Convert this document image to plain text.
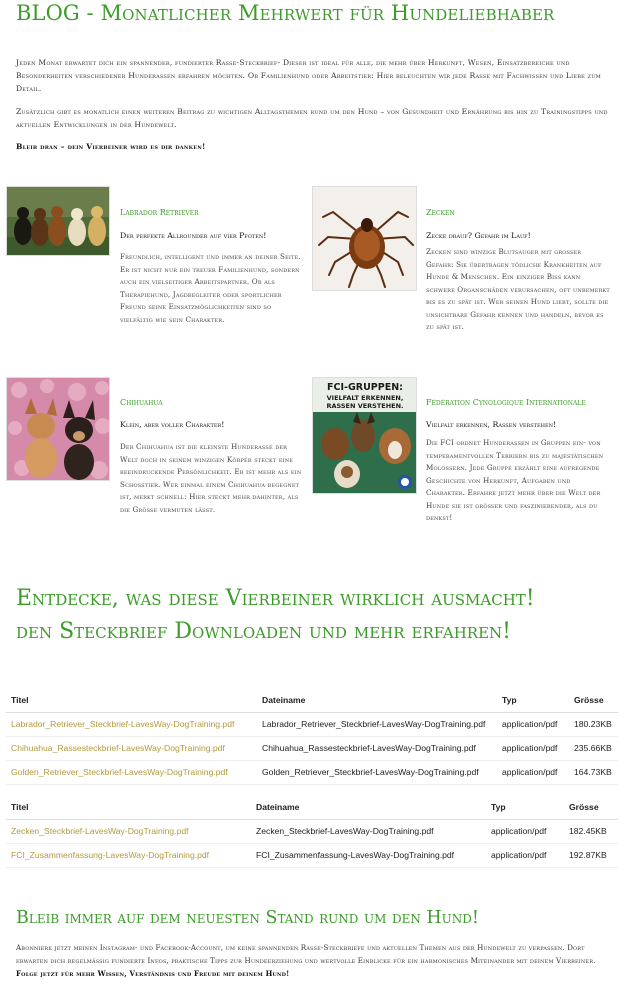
BLOG - Monatlicher Mehrwert für Hundeliebhaber

Jeden Monat erwartet dich ein spannender, fundierter Rasse-Steckbrief- Dieser ist ideal für alle, die mehr über Herkunft, Wesen, Einsatzbereiche und Besonderheiten verschiedener Hunderassen erfahren möchten. Ob Familienhund oder Arbeitstier: Hier beleuchten wir jede Rasse mit Fachwissen und Liebe zum Detail.

Zusätzlich gibt es monatlich einen weiteren Beitrag zu wichtigen Alltagsthemen rund um den Hund – von Gesundheit und Ernährung bis hin zu Trainingstipps und aktuellen Entwicklungen in der Hundewelt.

Bleib dran – dein Vierbeiner wird es dir danken!

Labrador Retriever
Der perfekte Allrounder auf vier Pfoten!

Freundlich, intelligent und immer an deiner Seite. Er ist nicht nur ein treuer Familienhund, sondern auch ein vielseitiger Arbeitspartner. Ob als Therapiehund, Jagdbegleiter oder sportlicher Freund seine Einsatzmöglichkeiten sind so vielfältig wie sein Charakter.

Zecken
Zecke drauf? Gefahr im Lauf!

Zecken sind winzige Blutsauger mit großer Gefahr: Sie übertragen tödliche Krankheiten auf Hunde & Menschen. Ein einziger Biss kann schwere Organschäden verursachen, oft unbemerkt bis es zu spät ist. Wer seinen Hund liebt, sollte die unsichtbare Gefahr kennen und handeln, bevor es zu spät ist.

Chihuahua
Klein, aber voller Charakter!

Der Chihuahua ist die kleinste Hunderasse der Welt doch in seinem winzigen Körper steckt eine beeindruckende Persönlichkeit. Er ist mehr als ein Schoßtier. Wer einmal einem Chihuahua begegnet ist, merkt schnell: Hier steckt mehr dahinter, als die Größe vermuten lässt.

FCI-GRUPPEN:
VIELFALT ERKENNEN,
RASSEN VERSTEHEN.	Fédération Cynologique Internationale
Vielfalt erkennen, Rassen verstehen!

Die FCI ordnet Hunderassen in Gruppen ein- von temperamentvollen Terriern bis zu majestätischen Molossern. Jede Gruppe erzählt eine aufregende Geschichte von Herkunft, Aufgaben und Charakter. Erfahre jetzt mehr über die Welt der Hunde sie ist größer und faszinierender, als du denkst!

Entdecke, was diese Vierbeiner wirklich ausmacht!
den Steckbrief Downloaden und mehr erfahren!
Titel	Dateiname	Typ	Grösse
Labrador_Retriever_Steckbrief-LavesWay-DogTraining.pdf	Labrador_Retriever_Steckbrief-LavesWay-DogTraining.pdf	application/pdf	180.23KB
Chihuahua_Rassesteckbrief-LavesWay-DogTraining.pdf	Chihuahua_Rassesteckbrief-LavesWay-DogTraining.pdf	application/pdf	235.66KB
Golden_Retriever_Steckbrief-LavesWay-DogTraining.pdf	Golden_Retriever_Steckbrief-LavesWay-DogTraining.pdf	application/pdf	164.73KB
Titel	Dateiname	Typ	Grösse
Zecken_Steckbrief-LavesWay-DogTraining.pdf	Zecken_Steckbrief-LavesWay-DogTraining.pdf	application/pdf	182.45KB
FCI_Zusammenfassung-LavesWay-DogTraining.pdf	FCI_Zusammenfassung-LavesWay-DogTraining.pdf	application/pdf	192.87KB
Bleib immer auf dem neuesten Stand rund um den Hund!

Abonniere jetzt meinen Instagram- und Facebook-Account, um keine spannenden Rasse-Steckbriefe und aktuellen Themen aus der Hundewelt zu verpassen. Dort erwarten dich regelmäßig fundierte Infos, praktische Tipps zur Hundeerziehung und wertvolle Einblicke für ein harmonisches Miteinander mit deinem Vierbeiner. Folge jetzt für mehr Wissen, Verständnis und Freude mit deinem Hund!
